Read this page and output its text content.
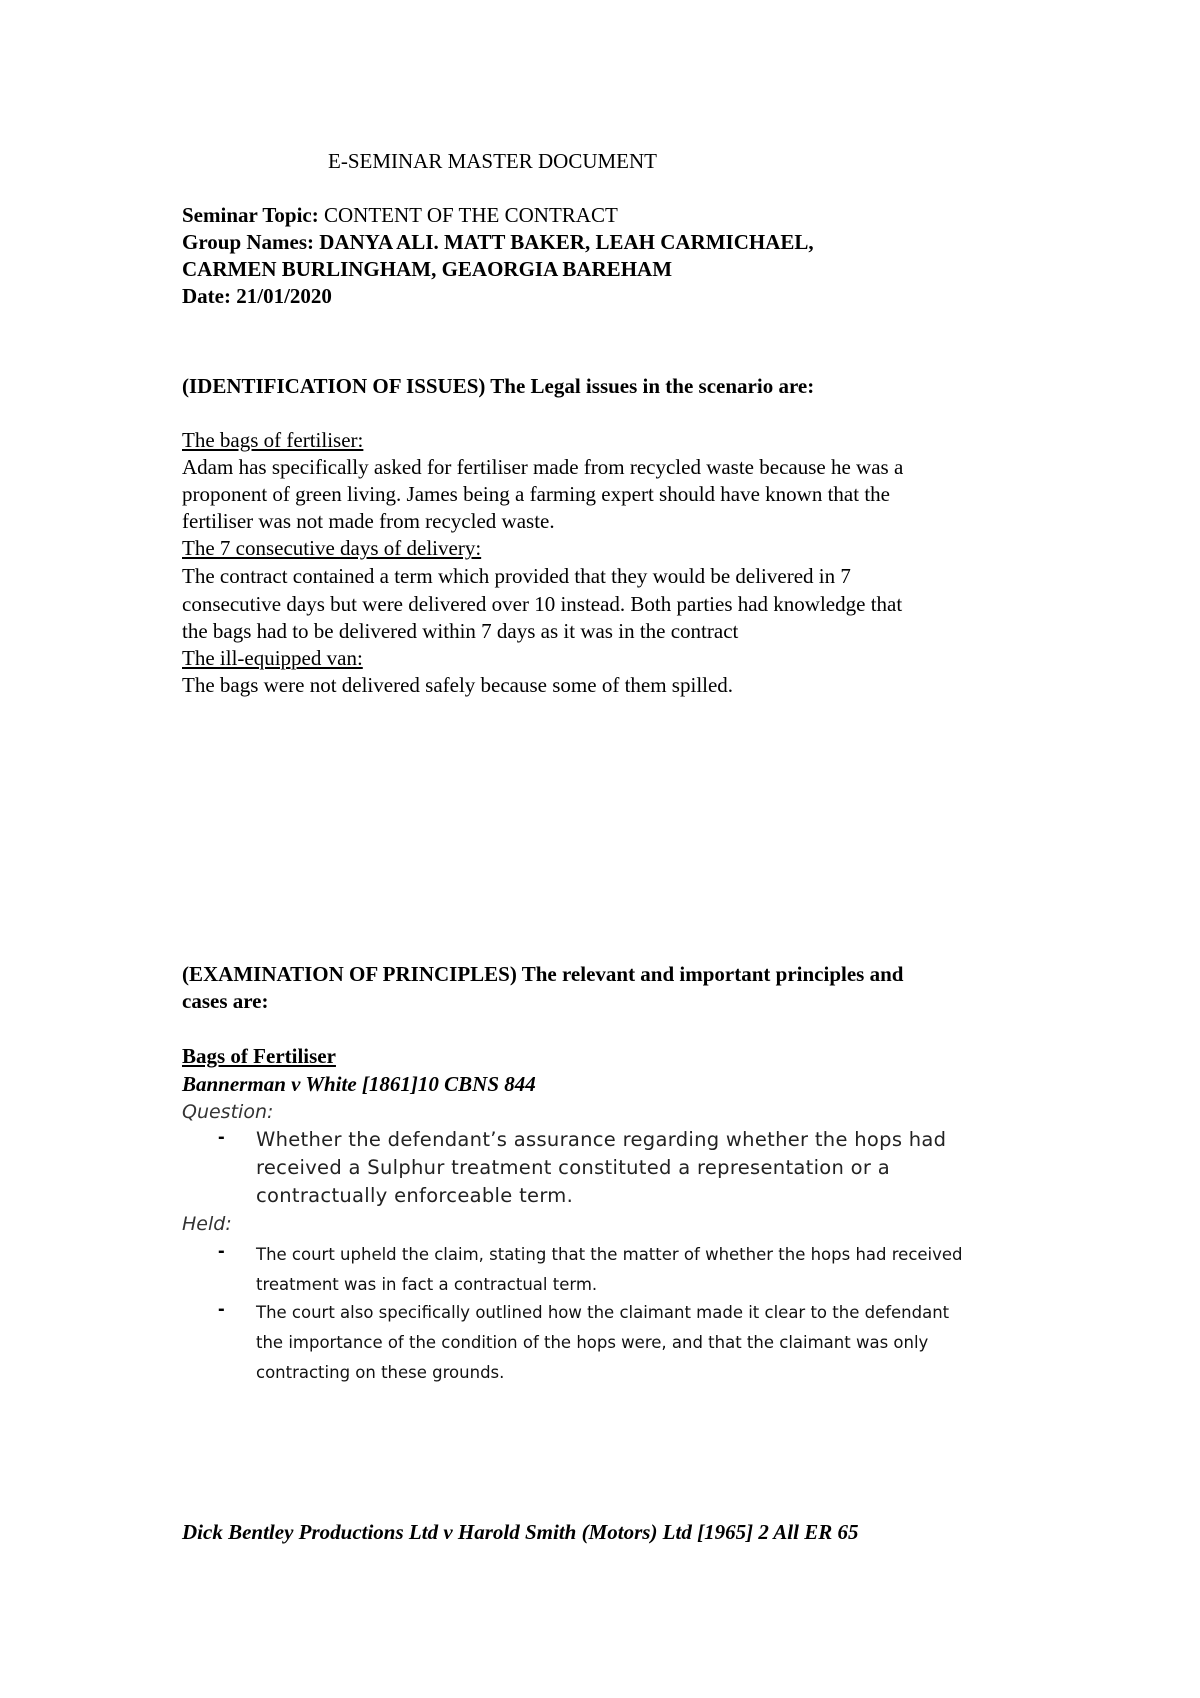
E-SEMINAR MASTER DOCUMENT
Seminar Topic: CONTENT OF THE CONTRACT
Group Names: DANYA ALI. MATT BAKER, LEAH CARMICHAEL,
CARMEN BURLINGHAM, GEAORGIA BAREHAM
Date: 21/01/2020
(IDENTIFICATION OF ISSUES) The Legal issues in the scenario are:
The bags of fertiliser:
Adam has specifically asked for fertiliser made from recycled waste because he was a
proponent of green living. James being a farming expert should have known that the
fertiliser was not made from recycled waste.
The 7 consecutive days of delivery:
The contract contained a term which provided that they would be delivered in 7
consecutive days but were delivered over 10 instead. Both parties had knowledge that
the bags had to be delivered within 7 days as it was in the contract
The ill-equipped van:
The bags were not delivered safely because some of them spilled.
(EXAMINATION OF PRINCIPLES) The relevant and important principles and
cases are:
Bags of Fertiliser
Bannerman v White [1861]10 CBNS 844
Question:
- Whether the defendant’s assurance regarding whether the hops had
received a Sulphur treatment constituted a representation or a
contractually enforceable term.
Held:
- The court upheld the claim, stating that the matter of whether the hops had received
treatment was in fact a contractual term.
- The court also specifically outlined how the claimant made it clear to the defendant
the importance of the condition of the hops were, and that the claimant was only
contracting on these grounds.
Dick Bentley Productions Ltd v Harold Smith (Motors) Ltd [1965] 2 All ER 65
